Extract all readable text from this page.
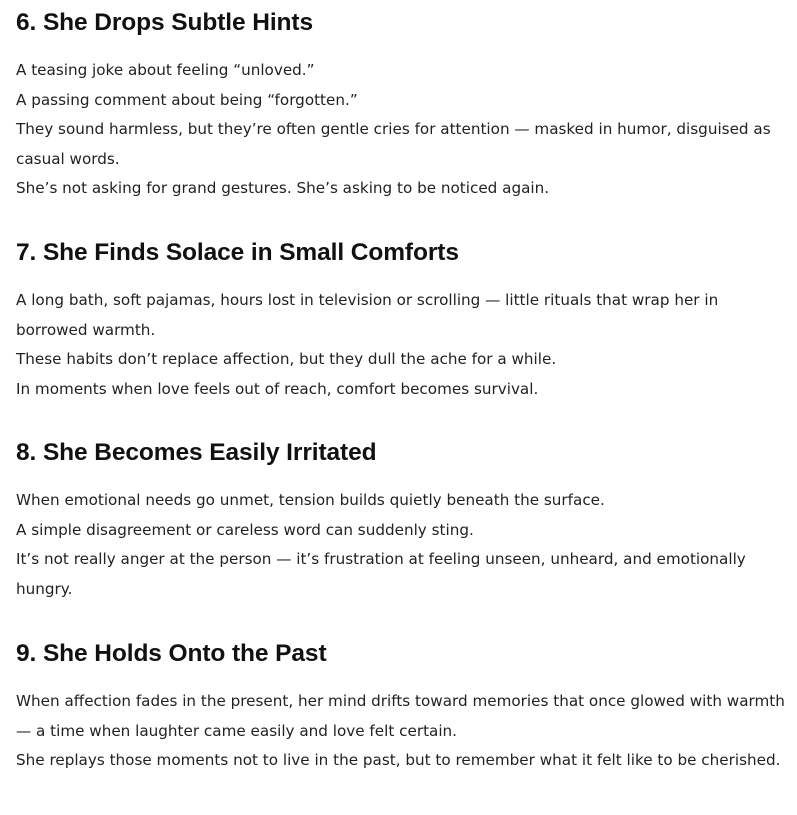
6. She Drops Subtle Hints

A teasing joke about feeling “unloved.”

A passing comment about being “forgotten.”

They sound harmless, but they’re often gentle cries for attention — masked in humor, disguised as casual words.

She’s not asking for grand gestures. She’s asking to be noticed again.

7. She Finds Solace in Small Comforts

A long bath, soft pajamas, hours lost in television or scrolling — little rituals that wrap her in borrowed warmth.

These habits don’t replace affection, but they dull the ache for a while.

In moments when love feels out of reach, comfort becomes survival.

8. She Becomes Easily Irritated

When emotional needs go unmet, tension builds quietly beneath the surface.

A simple disagreement or careless word can suddenly sting.

It’s not really anger at the person — it’s frustration at feeling unseen, unheard, and emotionally hungry.

9. She Holds Onto the Past

When affection fades in the present, her mind drifts toward memories that once glowed with warmth — a time when laughter came easily and love felt certain.

She replays those moments not to live in the past, but to remember what it felt like to be cherished.
